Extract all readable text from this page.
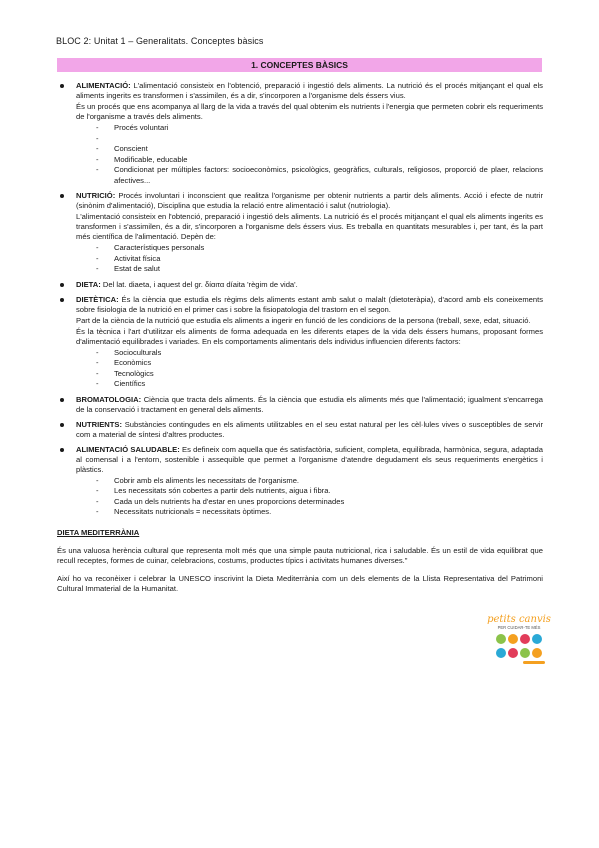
BLOC 2: Unitat 1 – Generalitats. Conceptes bàsics
1. CONCEPTES BÀSICS

ALIMENTACIÓ: L'alimentació consisteix en l'obtenció, preparació i ingestió dels aliments. La nutrició és el procés mitjançant el qual els aliments ingerits es transformen i s'assimilen, és a dir, s'incorporen a l'organisme dels éssers vius.

És un procés que ens acompanya al llarg de la vida a través del qual obtenim els nutrients i l'energia que permeten cobrir els requeriments de l'organisme a través dels aliments.

- Procés voluntari
-
- Conscient
- Modificable, educable
- Condicionat per múltiples factors: socioeconòmics, psicològics, geogràfics, culturals, religiosos, proporció de plaer, relacions afectives...

NUTRICIÓ: Procés involuntari i inconscient que realitza l'organisme per obtenir nutrients a partir dels aliments. Acció i efecte de nutrir (sinònim d'alimentació), Disciplina que estudia la relació entre alimentació i salut (nutriologia).

L'alimentació consisteix en l'obtenció, preparació i ingestió dels aliments. La nutrició és el procés mitjançant el qual els aliments ingerits es transformen i s'assimilen, és a dir, s'incorporen a l'organisme dels éssers vius. Es treballa en quantitats mesurables i, per tant, és la part més científica de l'alimentació. Depèn de:

- Característiques personals
- Activitat física
- Estat de salut

DIETA: Del lat. diaeta, i aquest del gr. δίαιτα díaita 'règim de vida'.

DIETÈTICA: És la ciència que estudia els règims dels aliments estant amb salut o malalt (dietoteràpia), d'acord amb els coneixements sobre fisiologia de la nutrició en el primer cas i sobre la fisiopatologia del trastorn en el segon.

Part de la ciència de la nutrició que estudia els aliments a ingerir en funció de les condicions de la persona (treball, sexe, edat, situació.

És la tècnica i l'art d'utilitzar els aliments de forma adequada en les diferents etapes de la vida dels éssers humans, proposant formes d'alimentació equilibrades i variades. En els comportaments alimentaris dels individus influencien diferents factors:

- Socioculturals
- Econòmics
- Tecnològics
- Científics

BROMATOLOGIA: Ciència que tracta dels aliments. És la ciència que estudia els aliments més que l'alimentació; igualment s'encarrega de la conservació i tractament en general dels aliments.

NUTRIENTS: Substàncies contingudes en els aliments utilitzables en el seu estat natural per les cèl·lules vives o susceptibles de servir com a material de síntesi d'altres productes.

ALIMENTACIÓ SALUDABLE: Es defineix com aquella que és satisfactòria, suficient, completa, equilibrada, harmònica, segura, adaptada al comensal i a l'entorn, sostenible i assequible que permet a l'organisme d'atendre degudament els seus requeriments energètics i plàstics.

- Cobrir amb els aliments les necessitats de l'organisme.
- Les necessitats són cobertes a partir dels nutrients, aigua i fibra.
- Cada un dels nutrients ha d'estar en unes proporcions determinades
- Necessitats nutricionals = necessitats òptimes.
DIETA MEDITERRÀNIA

És una valuosa herència cultural que representa molt més que una simple pauta nutricional, rica i saludable. És un estil de vida equilibrat que recull receptes, formes de cuinar, celebracions, costums, productes típics i activitats humanes diverses."

Així ho va reconèixer i celebrar la UNESCO inscrivint la Dieta Mediterrània com un dels elements de la Llista Representativa del Patrimoni Cultural Immaterial de la Humanitat.

petits canvis
PER CUIDAR-TE MÉS
